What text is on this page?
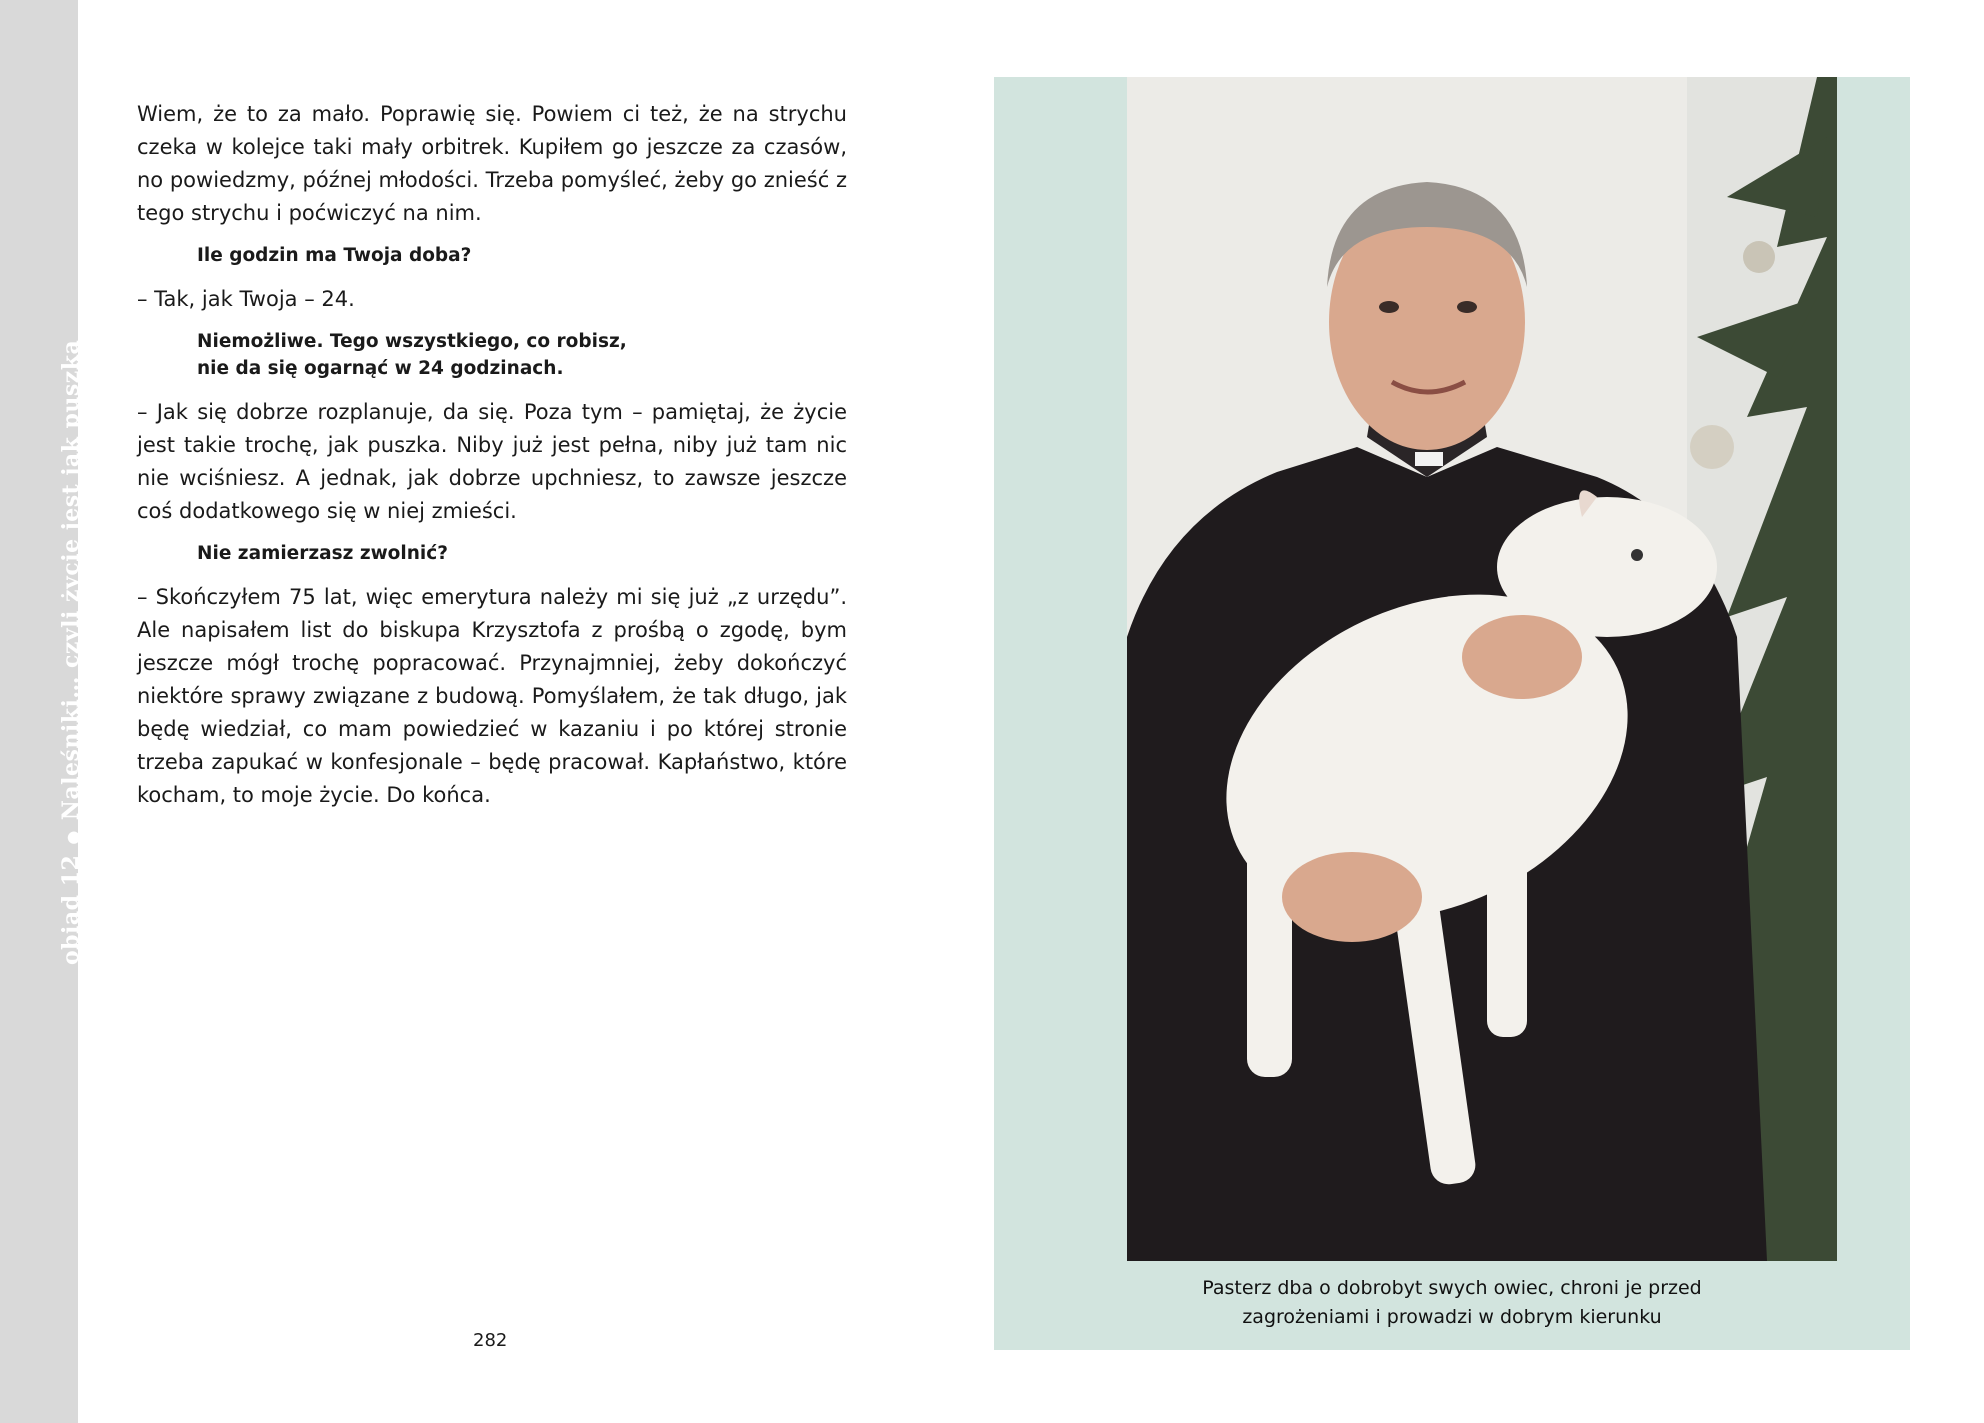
obiad 12●Naleśniki… czyli życie jest jak puszka

Wiem, że to za mało. Poprawię się. Powiem ci też, że na strychu czeka w kolejce taki mały orbitrek. Kupiłem go jeszcze za czasów, no powiedzmy, późnej młodości. Trzeba pomyśleć, żeby go znieść z tego strychu i poćwiczyć na nim.

Ile godzin ma Twoja doba?

– Tak, jak Twoja – 24.

Niemożliwe. Tego wszystkiego, co robisz,
nie da się ogarnąć w 24 godzinach.

– Jak się dobrze rozplanuje, da się. Poza tym – pamiętaj, że życie jest takie trochę, jak puszka. Niby już jest pełna, niby już tam nic nie wciśniesz. A jednak, jak dobrze upchniesz, to zawsze jeszcze coś dodatkowego się w niej zmieści.

Nie zamierzasz zwolnić?

– Skończyłem 75 lat, więc emerytura należy mi się już „z urzędu”. Ale napisałem list do biskupa Krzysztofa z prośbą o zgodę, bym jeszcze mógł trochę popracować. Przynajmniej, żeby dokończyć niektóre sprawy związane z budową. Pomyślałem, że tak długo, jak będę wiedział, co mam powiedzieć w kazaniu i po której stronie trzeba zapukać w konfesjonale – będę pracował. Kapłaństwo, które kocham, to moje życie. Do końca.

282
Pasterz dba o dobrobyt swych owiec, chroni je przed
zagrożeniami i prowadzi w dobrym kierunku
